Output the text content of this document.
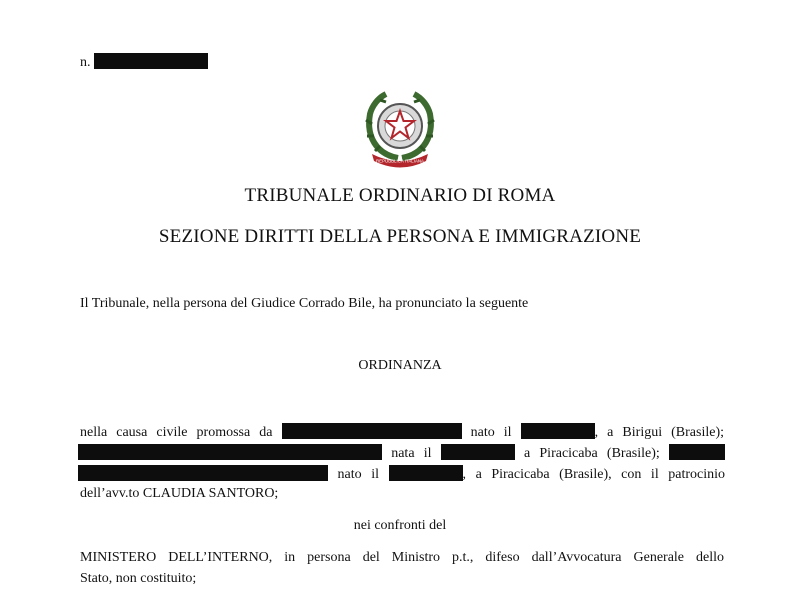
n.
REPUBBLICA ITALIANA
TRIBUNALE ORDINARIO DI ROMA
SEZIONE DIRITTI DELLA PERSONA E IMMIGRAZIONE
Il Tribunale, nella persona del Giudice Corrado Bile, ha pronunciato la seguente
ORDINANZA
nella causa civile promossa da	nato il	, a Birigui (Brasile);
nata il	a Piracicaba (Brasile);
nato il	, a Piracicaba (Brasile), con il patrocinio
dell’avv.to CLAUDIA SANTORO;
nei confronti del
MINISTERO DELL’INTERNO, in persona del Ministro p.t., difeso dall’Avvocatura Generale dello
Stato, non costituito;
